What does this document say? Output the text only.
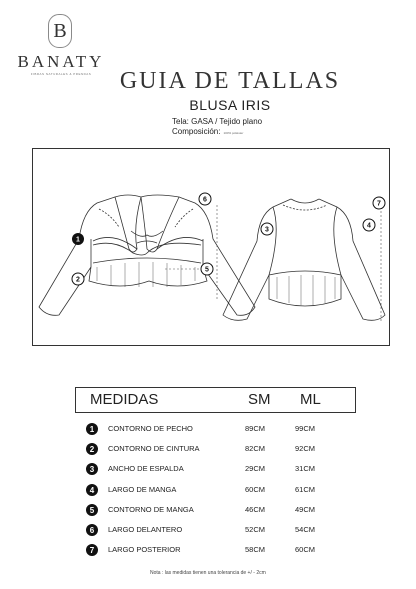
B
BANATY
FIBRAS NATURALES & PRENDAS	GUIA DE TALLAS
BLUSA IRIS
Tela: GASA / Tejido plano
Composición: 100% poliéster
1
2
5
6
3
4
7
MEDIDAS	SM ML
1	CONTORNO DE PECHO	89CM	99CM
2	CONTORNO DE CINTURA	82CM	92CM
3	ANCHO DE ESPALDA	29CM	31CM
4	LARGO DE MANGA	60CM	61CM
5	CONTORNO DE MANGA	46CM	49CM
6	LARGO DELANTERO	52CM	54CM
7	LARGO POSTERIOR	58CM	60CM
Nota : las medidas tienen una tolerancia de +/ - 2cm
